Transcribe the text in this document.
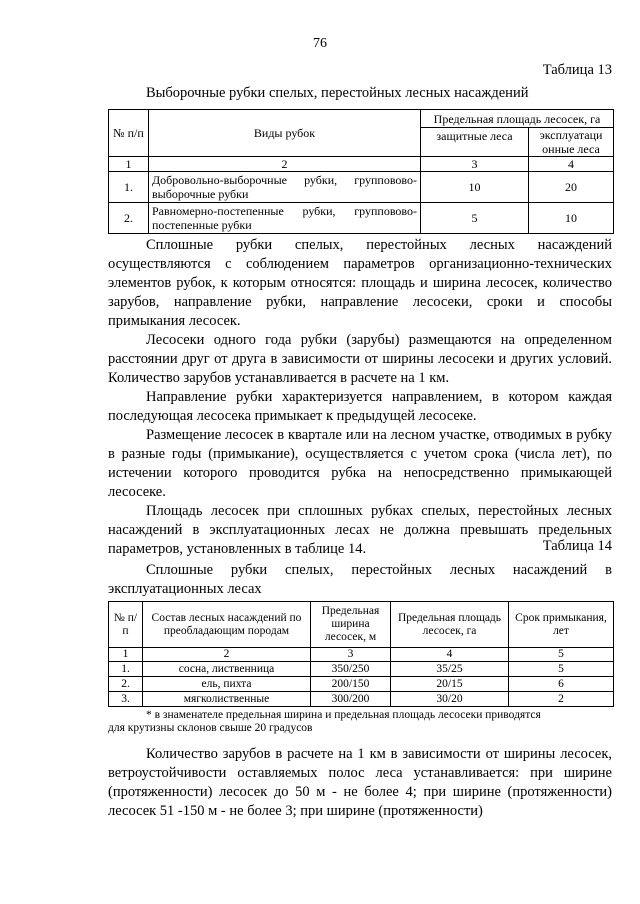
76
Таблица 13
Выборочные рубки спелых, перестойных лесных насаждений
№ п/п	Виды рубок	Предельная площадь лесосек, га	
		защитные леса	эксплуатаци онные леса
1	2	3	4
1.	Добровольно-выборочные рубки, групповово-выборочные рубки	10	20
2.	Равномерно-постепенные рубки, групповово-постепенные рубки	5	10

Сплошные рубки спелых, перестойных лесных насаждений осуществляются с соблюдением параметров организационно-технических элементов рубок, к которым относятся: площадь и ширина лесосек, количество зарубов, направление рубки, направление лесосеки, сроки и способы примыкания лесосек.

Лесосеки одного года рубки (зарубы) размещаются на определенном расстоянии друг от друга в зависимости от ширины лесосеки и других условий. Количество зарубов устанавливается в расчете на 1 км.

Направление рубки характеризуется направлением, в котором каждая последующая лесосека примыкает к предыдущей лесосеке.

Размещение лесосек в квартале или на лесном участке, отводимых в рубку в разные годы (примыкание), осуществляется с учетом срока (числа лет), по истечении которого проводится рубка на непосредственно примыкающей лесосеке.

Площадь лесосек при сплошных рубках спелых, перестойных лесных насаждений в эксплуатационных лесах не должна превышать предельных параметров, установленных в таблице 14.	Таблица 14
Сплошные рубки спелых, перестойных лесных насаждений в эксплуатационных лесах
№ п/п	Состав лесных насаждений по преобладающим породам	Предельная ширина лесосек, м	Предельная площадь лесосек, га	Срок примыкания, лет
1	2	3	4	5
1.	сосна, лиственница	350/250	35/25	5
2.	ель, пихта	200/150	20/15	6
3.	мягколиственные	300/200	30/20	2

* в знаменателе предельная ширина и предельная площадь лесосеки приводятся

для крутизны склонов свыше 20 градусов

Количество зарубов в расчете на 1 км в зависимости от ширины лесосек, ветроустойчивости оставляемых полос леса устанавливается: при ширине (протяженности) лесосек до 50 м - не более 4; при ширине (протяженности) лесосек 51 -150 м - не более 3; при ширине (протяженности)
